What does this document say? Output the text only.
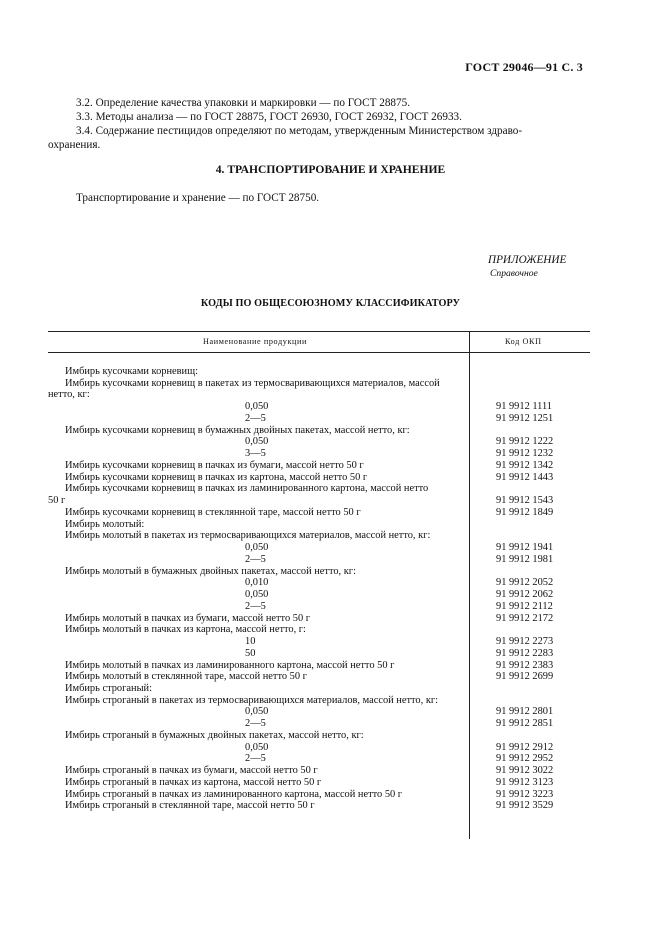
ГОСТ 29046—91 С. 3
3.2. Определение качества упаковки и маркировки — по ГОСТ 28875.
3.3. Методы анализа — по ГОСТ 28875, ГОСТ 26930, ГОСТ 26932, ГОСТ 26933.
3.4. Содержание пестицидов определяют по методам, утвержденным Министерством здраво-
охранения.
4. ТРАНСПОРТИРОВАНИЕ И ХРАНЕНИЕ
Транспортирование и хранение — по ГОСТ 28750.
ПРИЛОЖЕНИЕ
Справочное
КОДЫ ПО ОБЩЕСОЮЗНОМУ КЛАССИФИКАТОРУ
Наименование продукции	Код ОКП
Имбирь кусочками корневищ:
Имбирь кусочками корневищ в пакетах из термосваривающихся материалов, массой
нетто, кг:
0,050	91 9912 1111
2—5	91 9912 1251
Имбирь кусочками корневищ в бумажных двойных пакетах, массой нетто, кг:
0,050	91 9912 1222
3—5	91 9912 1232
Имбирь кусочками корневищ в пачках из бумаги, массой нетто 50 г	91 9912 1342
Имбирь кусочками корневищ в пачках из картона, массой нетто 50 г	91 9912 1443
Имбирь кусочками корневищ в пачках из ламинированного картона, массой нетто
50 г	91 9912 1543
Имбирь кусочками корневищ в стеклянной таре, массой нетто 50 г	91 9912 1849
Имбирь молотый:
Имбирь молотый в пакетах из термосваривающихся материалов, массой нетто, кг:
0,050	91 9912 1941
2—5	91 9912 1981
Имбирь молотый в бумажных двойных пакетах, массой нетто, кг:
0,010	91 9912 2052
0,050	91 9912 2062
2—5	91 9912 2112
Имбирь молотый в пачках из бумаги, массой нетто 50 г	91 9912 2172
Имбирь молотый в пачках из картона, массой нетто, г:
10	91 9912 2273
50	91 9912 2283
Имбирь молотый в пачках из ламинированного картона, массой нетто 50 г	91 9912 2383
Имбирь молотый в стеклянной таре, массой нетто 50 г	91 9912 2699
Имбирь строганый:
Имбирь строганый в пакетах из термосваривающихся материалов, массой нетто, кг:
0,050	91 9912 2801
2—5	91 9912 2851
Имбирь строганый в бумажных двойных пакетах, массой нетто, кг:
0,050	91 9912 2912
2—5	91 9912 2952
Имбирь строганый в пачках из бумаги, массой нетто 50 г	91 9912 3022
Имбирь строганый в пачках из картона, массой нетто 50 г	91 9912 3123
Имбирь строганый в пачках из ламинированного картона, массой нетто 50 г	91 9912 3223
Имбирь строганый в стеклянной таре, массой нетто 50 г	91 9912 3529
